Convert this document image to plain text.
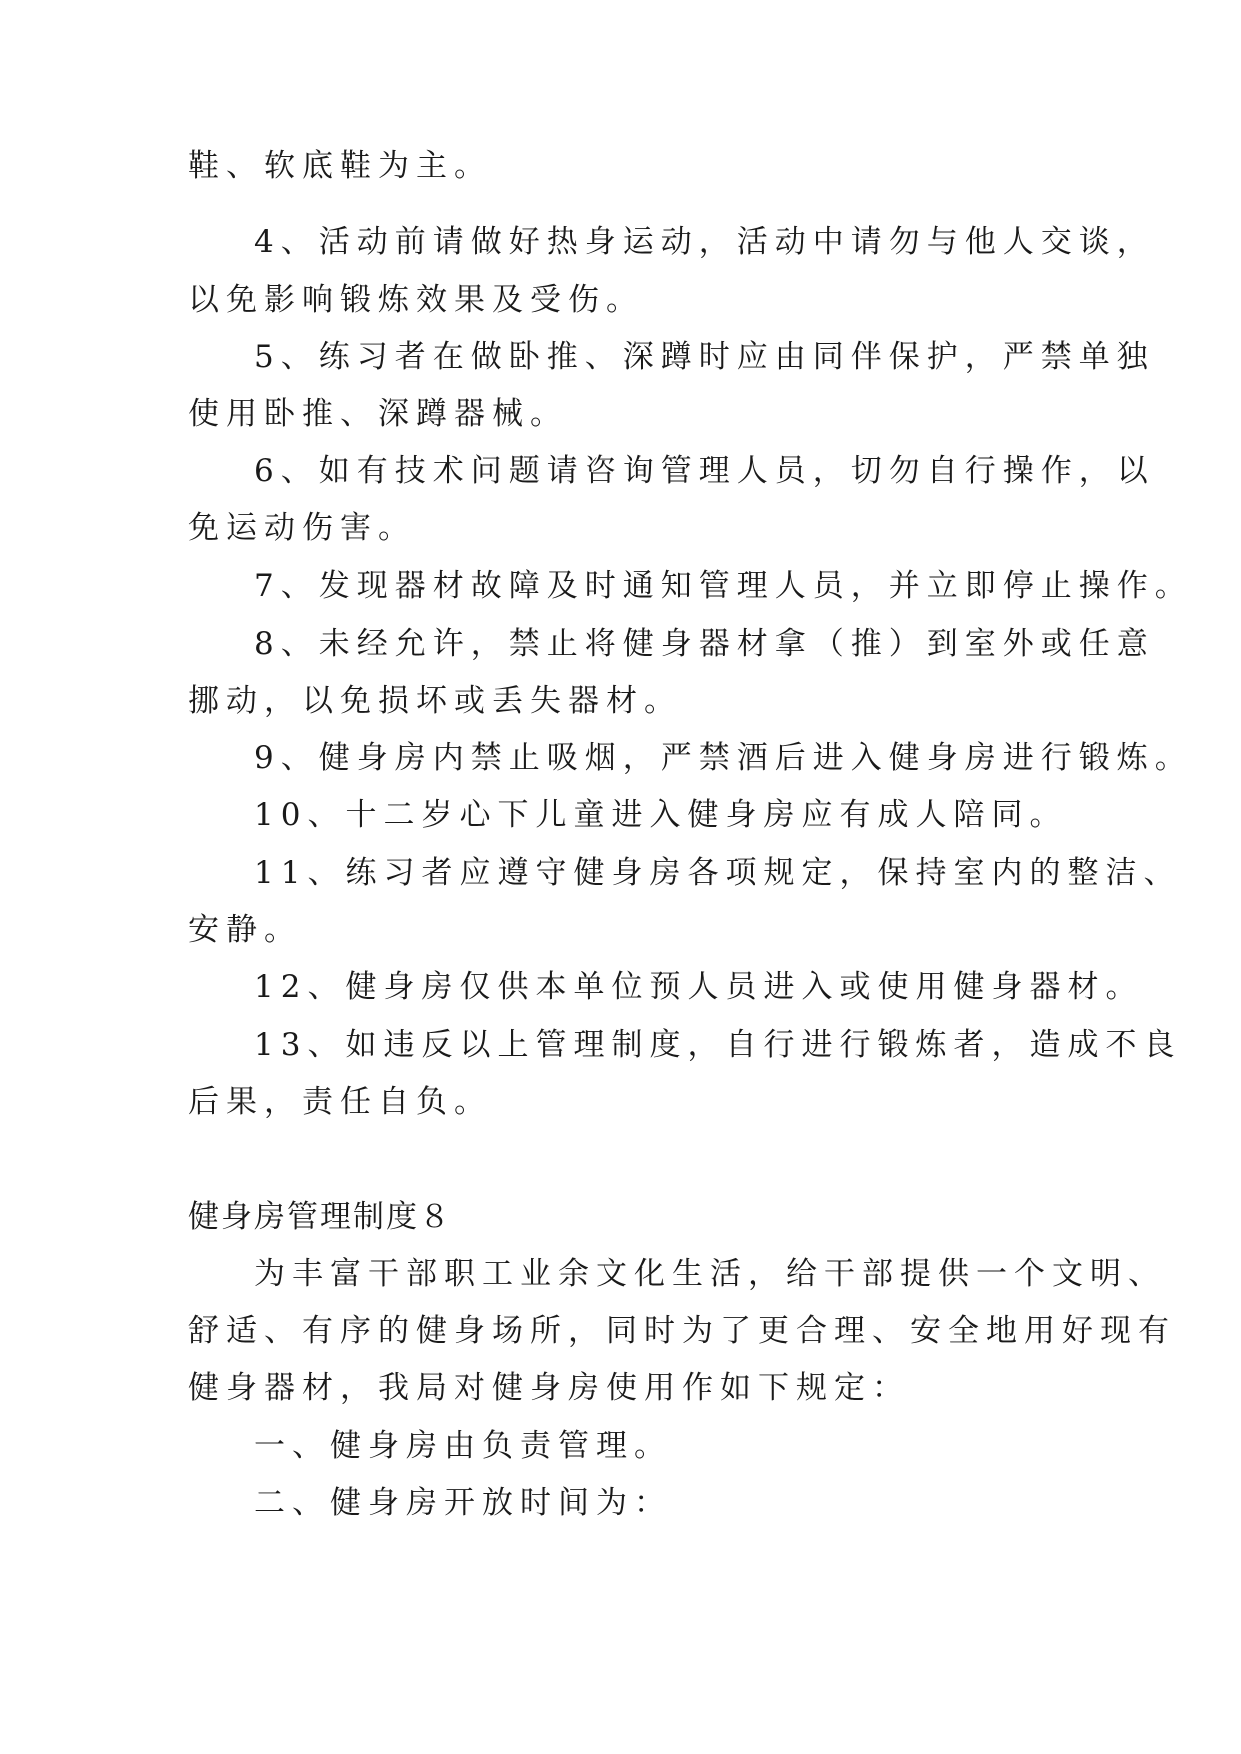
鞋、软底鞋为主。

4、活动前请做好热身运动，活动中请勿与他人交谈，

以免影响锻炼效果及受伤。

5、练习者在做卧推、深蹲时应由同伴保护，严禁单独

使用卧推、深蹲器械。

6、如有技术问题请咨询管理人员，切勿自行操作，以

免运动伤害。

7、发现器材故障及时通知管理人员，并立即停止操作。

8、未经允许，禁止将健身器材拿（推）到室外或任意

挪动，以免损坏或丢失器材。

9、健身房内禁止吸烟，严禁酒后进入健身房进行锻炼。

10、十二岁心下儿童进入健身房应有成人陪同。

11、练习者应遵守健身房各项规定，保持室内的整洁、

安静。

12、健身房仅供本单位预人员进入或使用健身器材。

13、如违反以上管理制度，自行进行锻炼者，造成不良

后果，责任自负。

健身房管理制度８

为丰富干部职工业余文化生活，给干部提供一个文明、

舒适、有序的健身场所，同时为了更合理、安全地用好现有

健身器材，我局对健身房使用作如下规定：

一、健身房由负责管理。

二、健身房开放时间为：
